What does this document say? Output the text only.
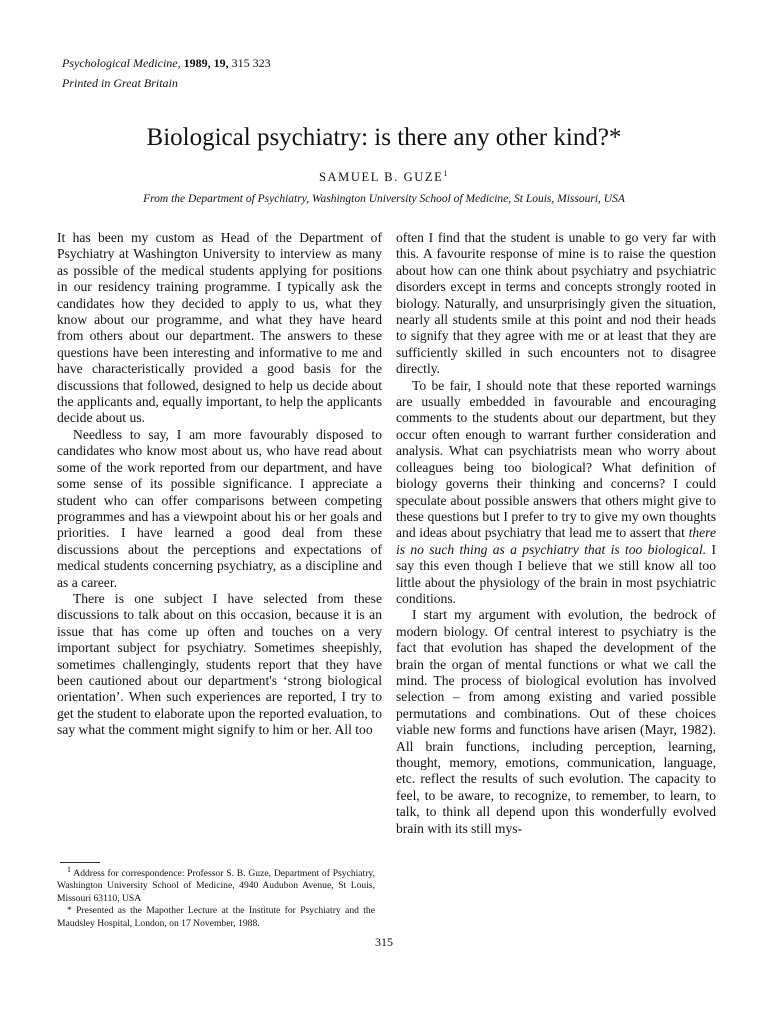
Psychological Medicine, 1989, 19, 315 323
Printed in Great Britain
Biological psychiatry: is there any other kind?*
SAMUEL B. GUZE$^1$
From the Department of Psychiatry, Washington University School of Medicine, St Louis, Missouri, USA

It has been my custom as Head of the Department of Psychiatry at Washington University to interview as many as possible of the medical students applying for positions in our residency training programme. I typically ask the candidates how they decided to apply to us, what they know about our programme, and what they have heard from others about our department. The answers to these questions have been interesting and informative to me and have characteristically provided a good basis for the discussions that followed, designed to help us decide about the applicants and, equally important, to help the applicants decide about us.

Needless to say, I am more favourably disposed to candidates who know most about us, who have read about some of the work reported from our department, and have some sense of its possible significance. I appreciate a student who can offer comparisons between competing programmes and has a viewpoint about his or her goals and priorities. I have learned a good deal from these discussions about the perceptions and expectations of medical students concerning psychiatry, as a discipline and as a career.

There is one subject I have selected from these discussions to talk about on this occasion, because it is an issue that has come up often and touches on a very important subject for psychiatry. Sometimes sheepishly, sometimes challengingly, students report that they have been cautioned about our department's ‘strong biological orientation’. When such experiences are reported, I try to get the student to elaborate upon the reported evaluation, to say what the comment might signify to him or her. All too

often I find that the student is unable to go very far with this. A favourite response of mine is to raise the question about how can one think about psychiatry and psychiatric disorders except in terms and concepts strongly rooted in biology. Naturally, and unsurprisingly given the situation, nearly all students smile at this point and nod their heads to signify that they agree with me or at least that they are sufficiently skilled in such encounters not to disagree directly.

To be fair, I should note that these reported warnings are usually embedded in favourable and encouraging comments to the students about our department, but they occur often enough to warrant further consideration and analysis. What can psychiatrists mean who worry about colleagues being too biological? What definition of biology governs their thinking and concerns? I could speculate about possible answers that others might give to these questions but I prefer to try to give my own thoughts and ideas about psychiatry that lead me to assert that there is no such thing as a psychiatry that is too biological. I say this even though I believe that we still know all too little about the physiology of the brain in most psychiatric conditions.

I start my argument with evolution, the bedrock of modern biology. Of central interest to psychiatry is the fact that evolution has shaped the development of the brain the organ of mental functions or what we call the mind. The process of biological evolution has involved selection – from among existing and varied possible permutations and combinations. Out of these choices viable new forms and functions have arisen (Mayr, 1982). All brain functions, including perception, learning, thought, memory, emotions, communication, language, etc. reflect the results of such evolution. The capacity to feel, to be aware, to recognize, to remember, to learn, to talk, to think all depend upon this wonderfully evolved brain with its still mys-

$^1$ Address for correspondence: Professor S. B. Guze, Department of Psychiatry, Washington University School of Medicine, 4940 Audubon Avenue, St Louis, Missouri 63110, USA

* Presented as the Mapother Lecture at the Institute for Psychiatry and the Maudsley Hospital, London, on 17 November, 1988.

315
